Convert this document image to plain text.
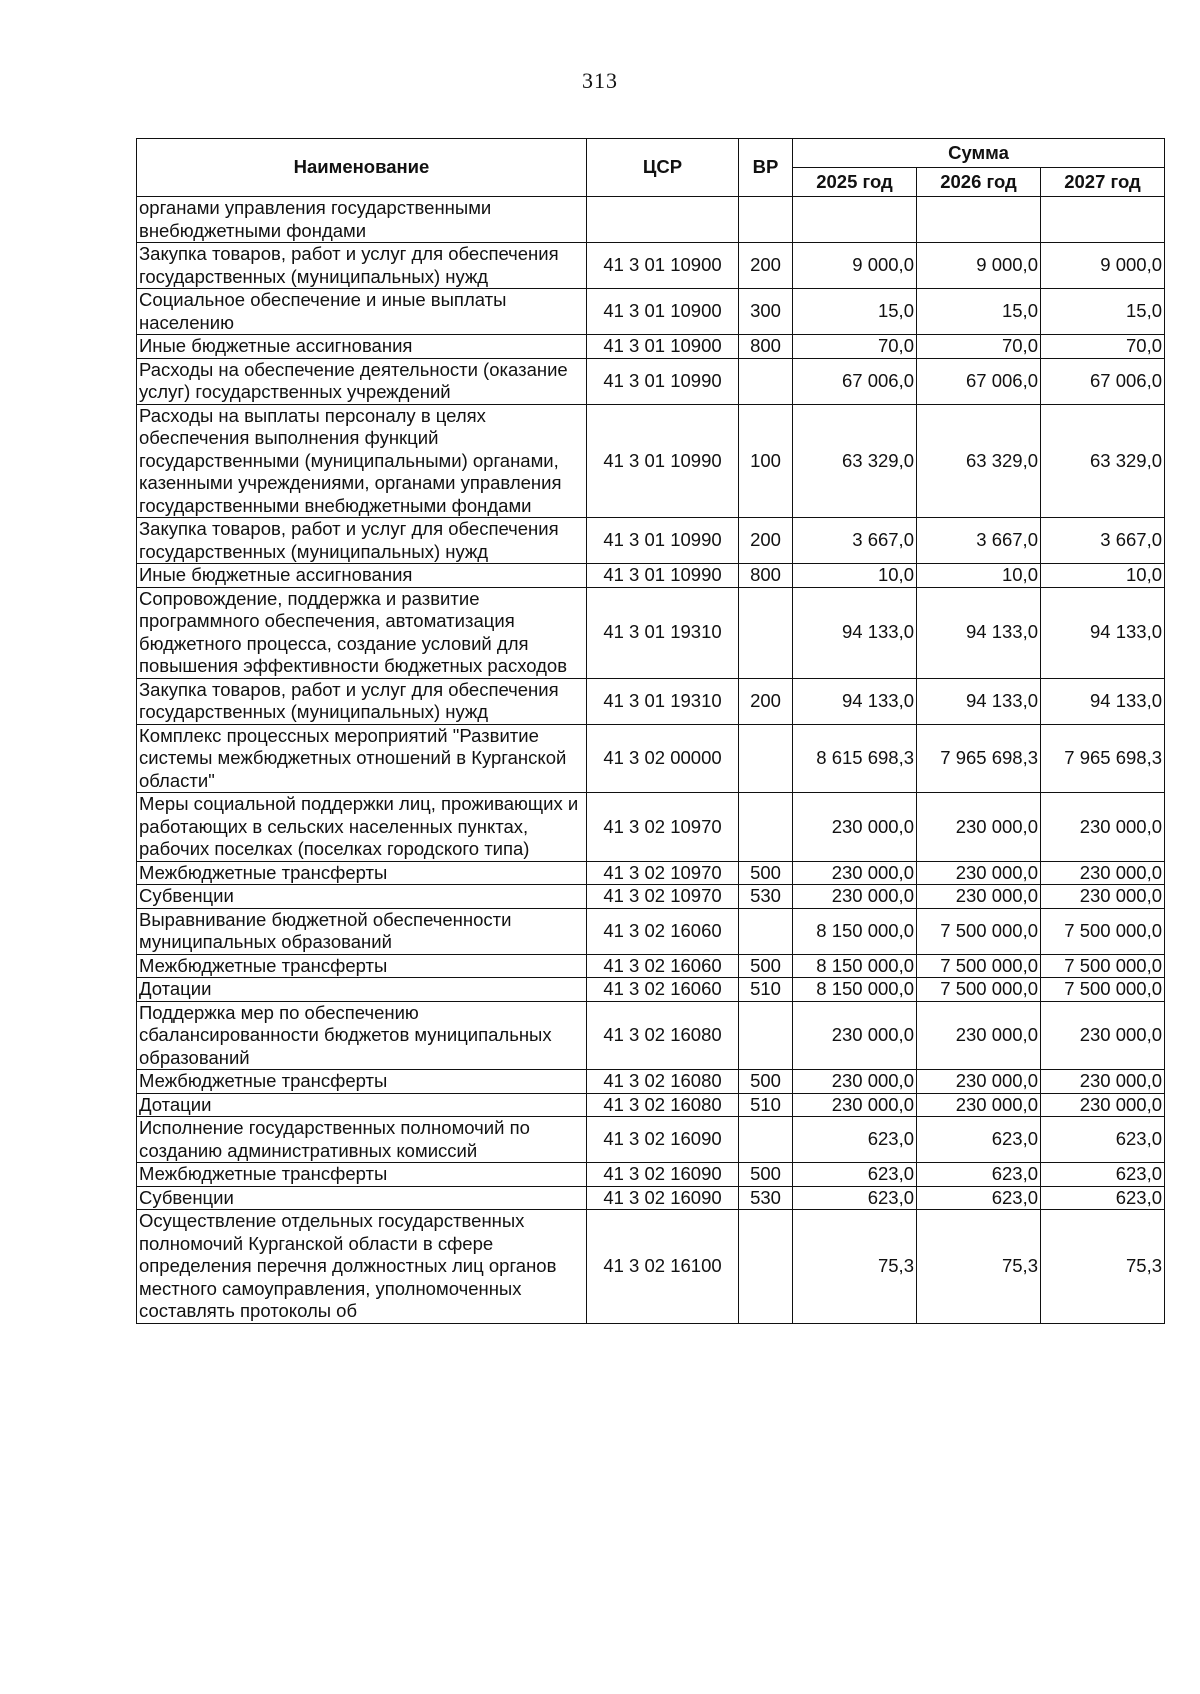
313
Наименование	ЦСР	ВР	Сумма		
			2025 год	2026 год	2027 год
органами управления государственными внебюджетными фондами					
Закупка товаров, работ и услуг для обеспечения государственных (муниципальных) нужд	41 3 01 10900	200	9 000,0	9 000,0	9 000,0
Социальное обеспечение и иные выплаты населению	41 3 01 10900	300	15,0	15,0	15,0
Иные бюджетные ассигнования	41 3 01 10900	800	70,0	70,0	70,0
Расходы на обеспечение деятельности (оказание услуг) государственных учреждений	41 3 01 10990		67 006,0	67 006,0	67 006,0
Расходы на выплаты персоналу в целях обеспечения выполнения функций государственными (муниципальными) органами, казенными учреждениями, органами управления государственными внебюджетными фондами	41 3 01 10990	100	63 329,0	63 329,0	63 329,0
Закупка товаров, работ и услуг для обеспечения государственных (муниципальных) нужд	41 3 01 10990	200	3 667,0	3 667,0	3 667,0
Иные бюджетные ассигнования	41 3 01 10990	800	10,0	10,0	10,0
Сопровождение, поддержка и развитие программного обеспечения, автоматизация бюджетного процесса, создание условий для повышения эффективности бюджетных расходов	41 3 01 19310		94 133,0	94 133,0	94 133,0
Закупка товаров, работ и услуг для обеспечения государственных (муниципальных) нужд	41 3 01 19310	200	94 133,0	94 133,0	94 133,0
Комплекс процессных мероприятий "Развитие системы межбюджетных отношений в Курганской области"	41 3 02 00000		8 615 698,3	7 965 698,3	7 965 698,3
Меры социальной поддержки лиц, проживающих и работающих в сельских населенных пунктах, рабочих поселках (поселках городского типа)	41 3 02 10970		230 000,0	230 000,0	230 000,0
Межбюджетные трансферты	41 3 02 10970	500	230 000,0	230 000,0	230 000,0
Субвенции	41 3 02 10970	530	230 000,0	230 000,0	230 000,0
Выравнивание бюджетной обеспеченности муниципальных образований	41 3 02 16060		8 150 000,0	7 500 000,0	7 500 000,0
Межбюджетные трансферты	41 3 02 16060	500	8 150 000,0	7 500 000,0	7 500 000,0
Дотации	41 3 02 16060	510	8 150 000,0	7 500 000,0	7 500 000,0
Поддержка мер по обеспечению сбалансированности бюджетов муниципальных образований	41 3 02 16080		230 000,0	230 000,0	230 000,0
Межбюджетные трансферты	41 3 02 16080	500	230 000,0	230 000,0	230 000,0
Дотации	41 3 02 16080	510	230 000,0	230 000,0	230 000,0
Исполнение государственных полномочий по созданию административных комиссий	41 3 02 16090		623,0	623,0	623,0
Межбюджетные трансферты	41 3 02 16090	500	623,0	623,0	623,0
Субвенции	41 3 02 16090	530	623,0	623,0	623,0
Осуществление отдельных государственных полномочий Курганской области в сфере определения перечня должностных лиц органов местного самоуправления, уполномоченных составлять протоколы об	41 3 02 16100		75,3	75,3	75,3
